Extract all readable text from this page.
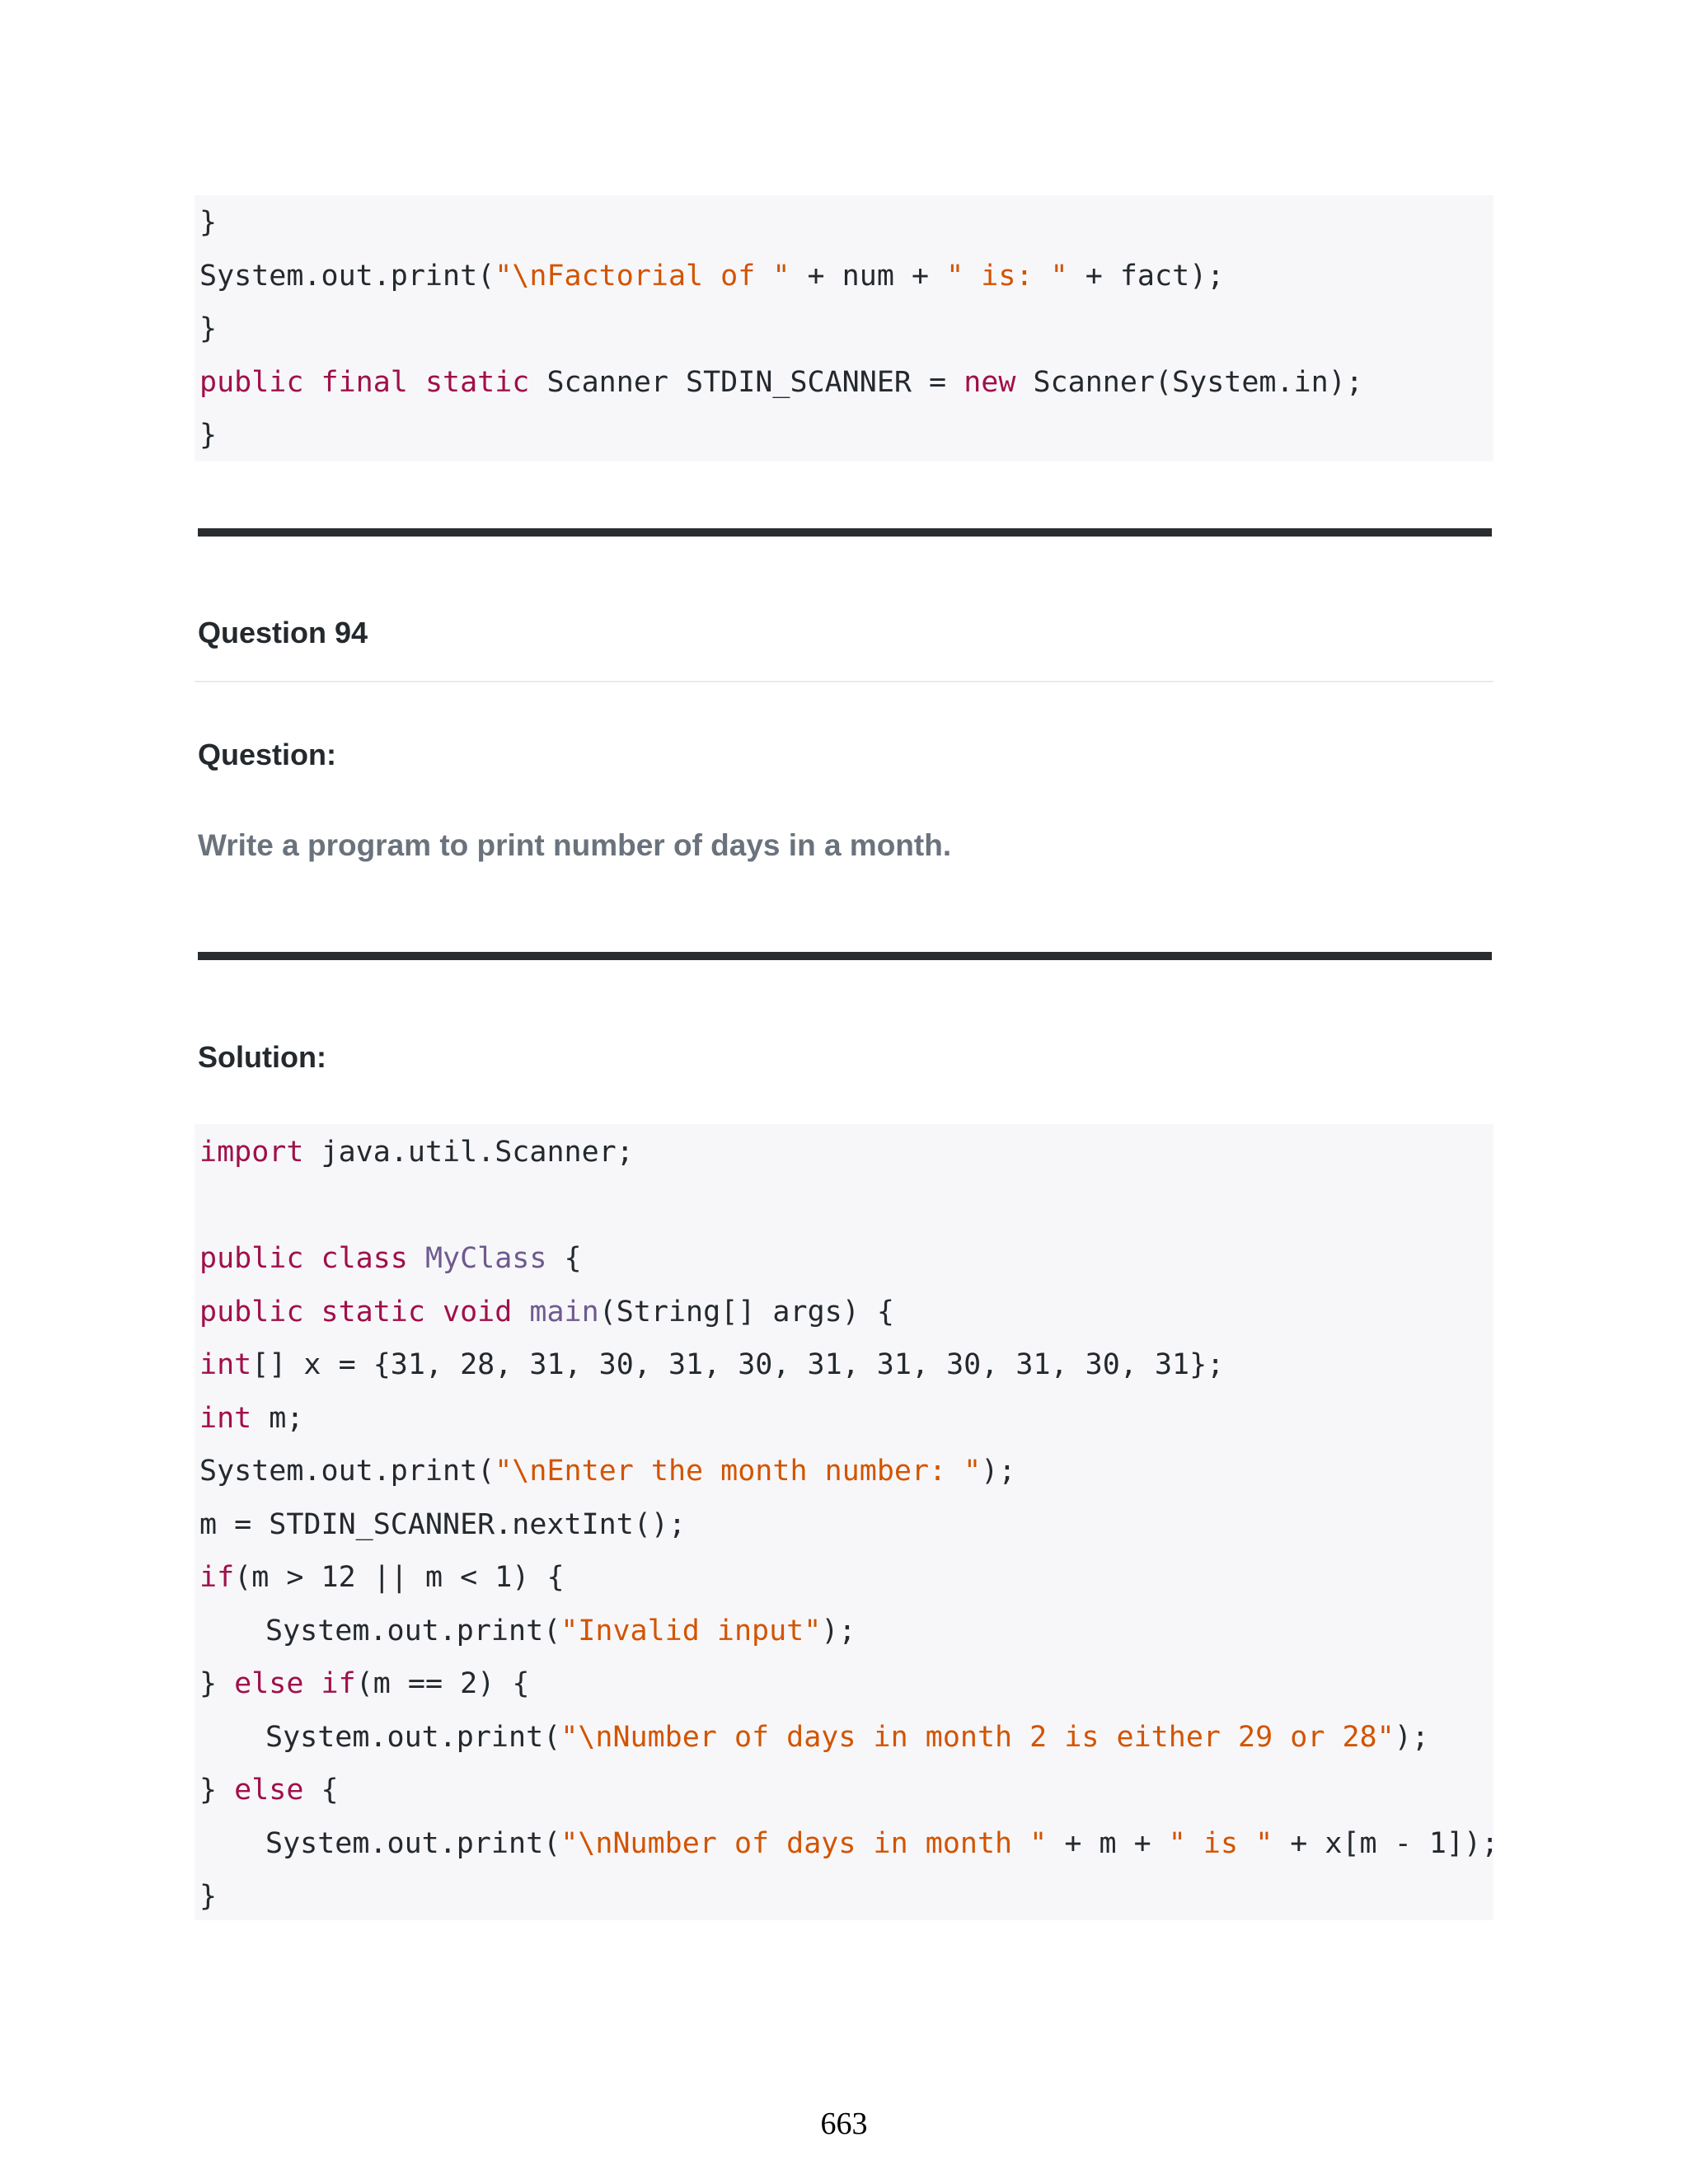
}
System.out.print("\nFactorial of " + num + " is: " + fact);
}
public final static Scanner STDIN_SCANNER = new Scanner(System.in);
}
Question 94
Question:
Write a program to print number of days in a month.
Solution:
import java.util.Scanner;
public class MyClass {
public static void main(String[] args) {
int[] x = {31, 28, 31, 30, 31, 30, 31, 31, 30, 31, 30, 31};
int m;
System.out.print("\nEnter the month number: ");
m = STDIN_SCANNER.nextInt();
if(m > 12 || m < 1) {
System.out.print("Invalid input");
} else if(m == 2) {
System.out.print("\nNumber of days in month 2 is either 29 or 28");
} else {
System.out.print("\nNumber of days in month " + m + " is " + x[m - 1]);
}
663
